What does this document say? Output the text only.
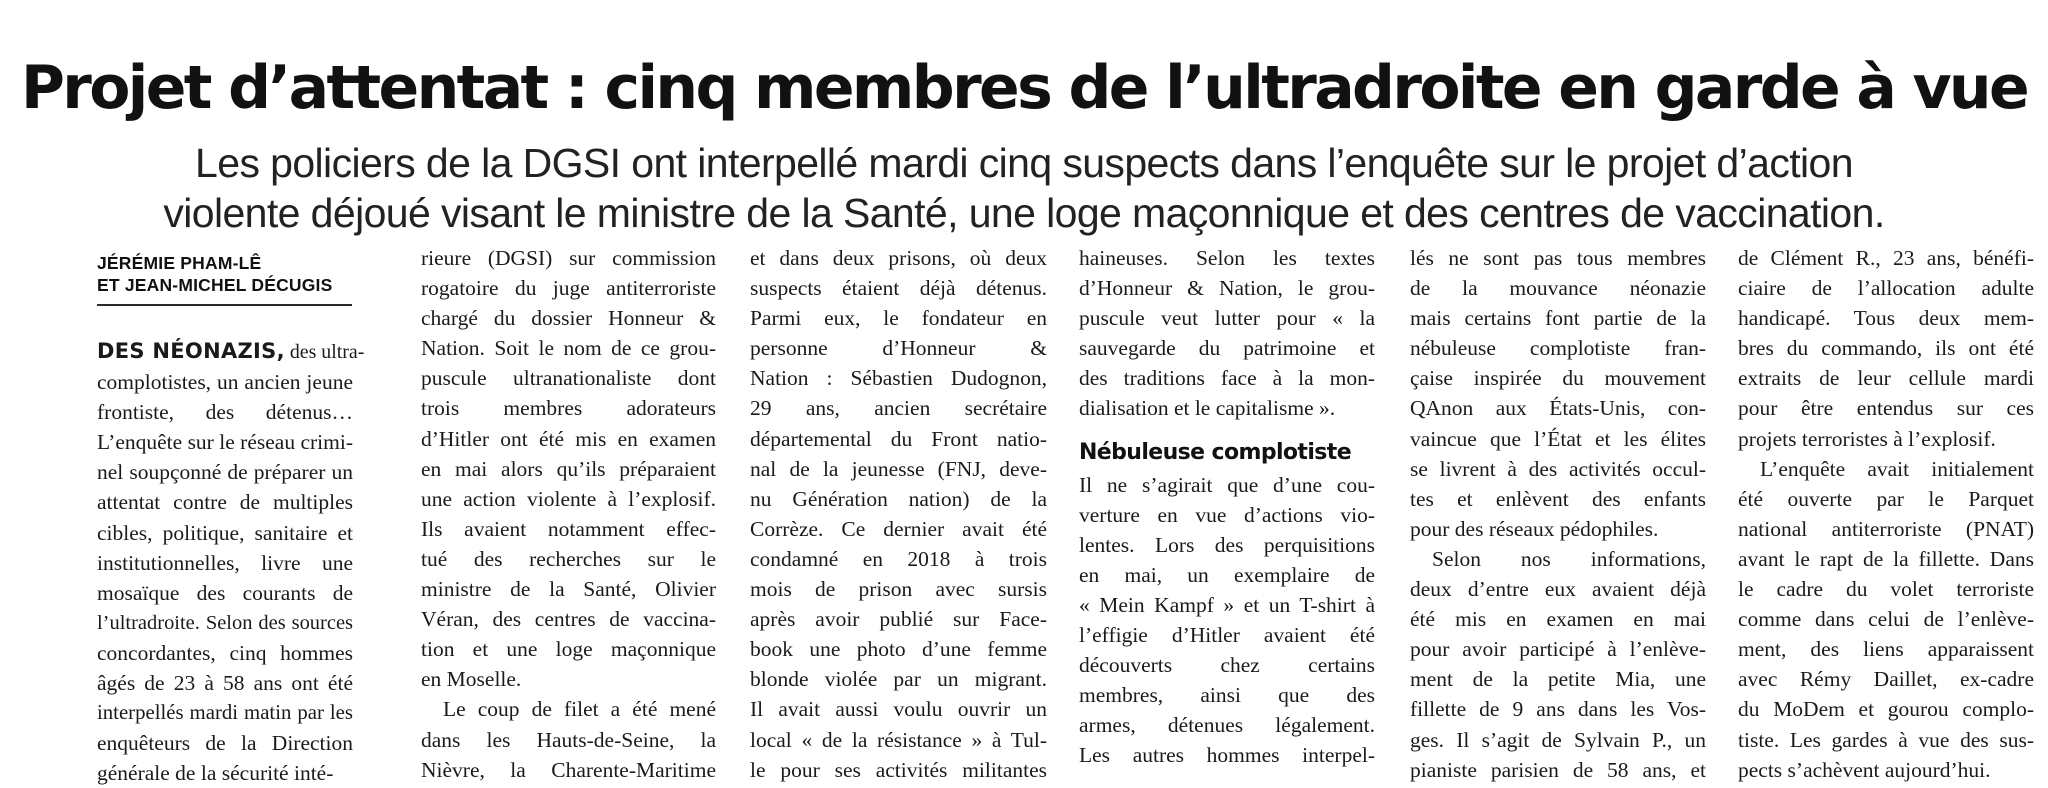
Projet d’attentat : cinq membres de l’ultradroite en garde à vue
Les policiers de la DGSI ont interpellé mardi cinq suspects dans l’enquête sur le projet d’action
violente déjoué visant le ministre de la Santé, une loge maçonnique et des centres de vaccination.
JÉRÉMIE PHAM-LÊ
ET JEAN-MICHEL DÉCUGIS
DES NÉONAZIS, des ultra-
complotistes, un ancien jeune
frontiste, des détenus…
L’enquête sur le réseau crimi-
nel soupçonné de préparer un
attentat contre de multiples
cibles, politique, sanitaire et
institutionnelles, livre une
mosaïque des courants de
l’ultradroite. Selon des sources
concordantes, cinq hommes
âgés de 23 à 58 ans ont été
interpellés mardi matin par les
enquêteurs de la Direction
générale de la sécurité inté-
rieure (DGSI) sur commission
rogatoire du juge antiterroriste
chargé du dossier Honneur &
Nation. Soit le nom de ce grou-
puscule ultranationaliste dont
trois membres adorateurs
d’Hitler ont été mis en examen
en mai alors qu’ils préparaient
une action violente à l’explosif.
Ils avaient notamment effec-
tué des recherches sur le
ministre de la Santé, Olivier
Véran, des centres de vaccina-
tion et une loge maçonnique
en Moselle.
Le coup de filet a été mené
dans les Hauts-de-Seine, la
Nièvre, la Charente-Maritime
et dans deux prisons, où deux
suspects étaient déjà détenus.
Parmi eux, le fondateur en
personne d’Honneur &
Nation : Sébastien Dudognon,
29 ans, ancien secrétaire
départemental du Front natio-
nal de la jeunesse (FNJ, deve-
nu Génération nation) de la
Corrèze. Ce dernier avait été
condamné en 2018 à trois
mois de prison avec sursis
après avoir publié sur Face-
book une photo d’une femme
blonde violée par un migrant.
Il avait aussi voulu ouvrir un
local « de la résistance » à Tul-
le pour ses activités militantes
haineuses. Selon les textes
d’Honneur & Nation, le grou-
puscule veut lutter pour « la
sauvegarde du patrimoine et
des traditions face à la mon-
dialisation et le capitalisme ».
Nébuleuse complotiste
Il ne s’agirait que d’une cou-
verture en vue d’actions vio-
lentes. Lors des perquisitions
en mai, un exemplaire de
« Mein Kampf » et un T-shirt à
l’effigie d’Hitler avaient été
découverts chez certains
membres, ainsi que des
armes, détenues légalement.
Les autres hommes interpel-
lés ne sont pas tous membres
de la mouvance néonazie
mais certains font partie de la
nébuleuse complotiste fran-
çaise inspirée du mouvement
QAnon aux États-Unis, con-
vaincue que l’État et les élites
se livrent à des activités occul-
tes et enlèvent des enfants
pour des réseaux pédophiles.
Selon nos informations,
deux d’entre eux avaient déjà
été mis en examen en mai
pour avoir participé à l’enlève-
ment de la petite Mia, une
fillette de 9 ans dans les Vos-
ges. Il s’agit de Sylvain P., un
pianiste parisien de 58 ans, et
de Clément R., 23 ans, bénéfi-
ciaire de l’allocation adulte
handicapé. Tous deux mem-
bres du commando, ils ont été
extraits de leur cellule mardi
pour être entendus sur ces
projets terroristes à l’explosif.
L’enquête avait initialement
été ouverte par le Parquet
national antiterroriste (PNAT)
avant le rapt de la fillette. Dans
le cadre du volet terroriste
comme dans celui de l’enlève-
ment, des liens apparaissent
avec Rémy Daillet, ex-cadre
du MoDem et gourou complo-
tiste. Les gardes à vue des sus-
pects s’achèvent aujourd’hui.
